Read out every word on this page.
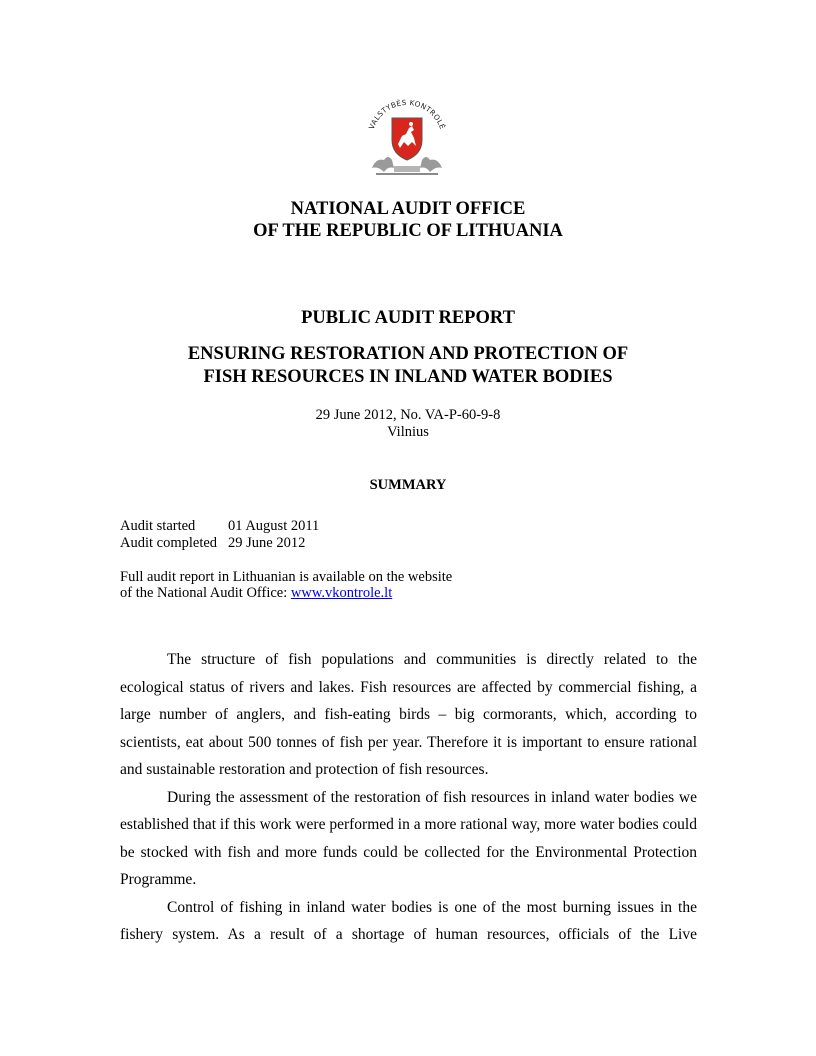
VALSTYBĖS KONTROLĖ
NATIONAL AUDIT OFFICE
OF THE REPUBLIC OF LITHUANIA
PUBLIC AUDIT REPORT
ENSURING RESTORATION AND PROTECTION OF
FISH RESOURCES IN INLAND WATER BODIES
29 June 2012, No. VA-P-60-9-8
Vilnius
SUMMARY
Audit started 01 August 2011
Audit completed 29 June 2012
Full audit report in Lithuanian is available on the website
of the National Audit Office: www.vkontrole.lt

The structure of fish populations and communities is directly related to the ecological status of rivers and lakes. Fish resources are affected by commercial fishing, a large number of anglers, and fish-eating birds – big cormorants, which, according to scientists, eat about 500 tonnes of fish per year. Therefore it is important to ensure rational and sustainable restoration and protection of fish resources.

During the assessment of the restoration of fish resources in inland water bodies we established that if this work were performed in a more rational way, more water bodies could be stocked with fish and more funds could be collected for the Environmental Protection Programme.

Control of fishing in inland water bodies is one of the most burning issues in the fishery system. As a result of a shortage of human resources, officials of the Live
